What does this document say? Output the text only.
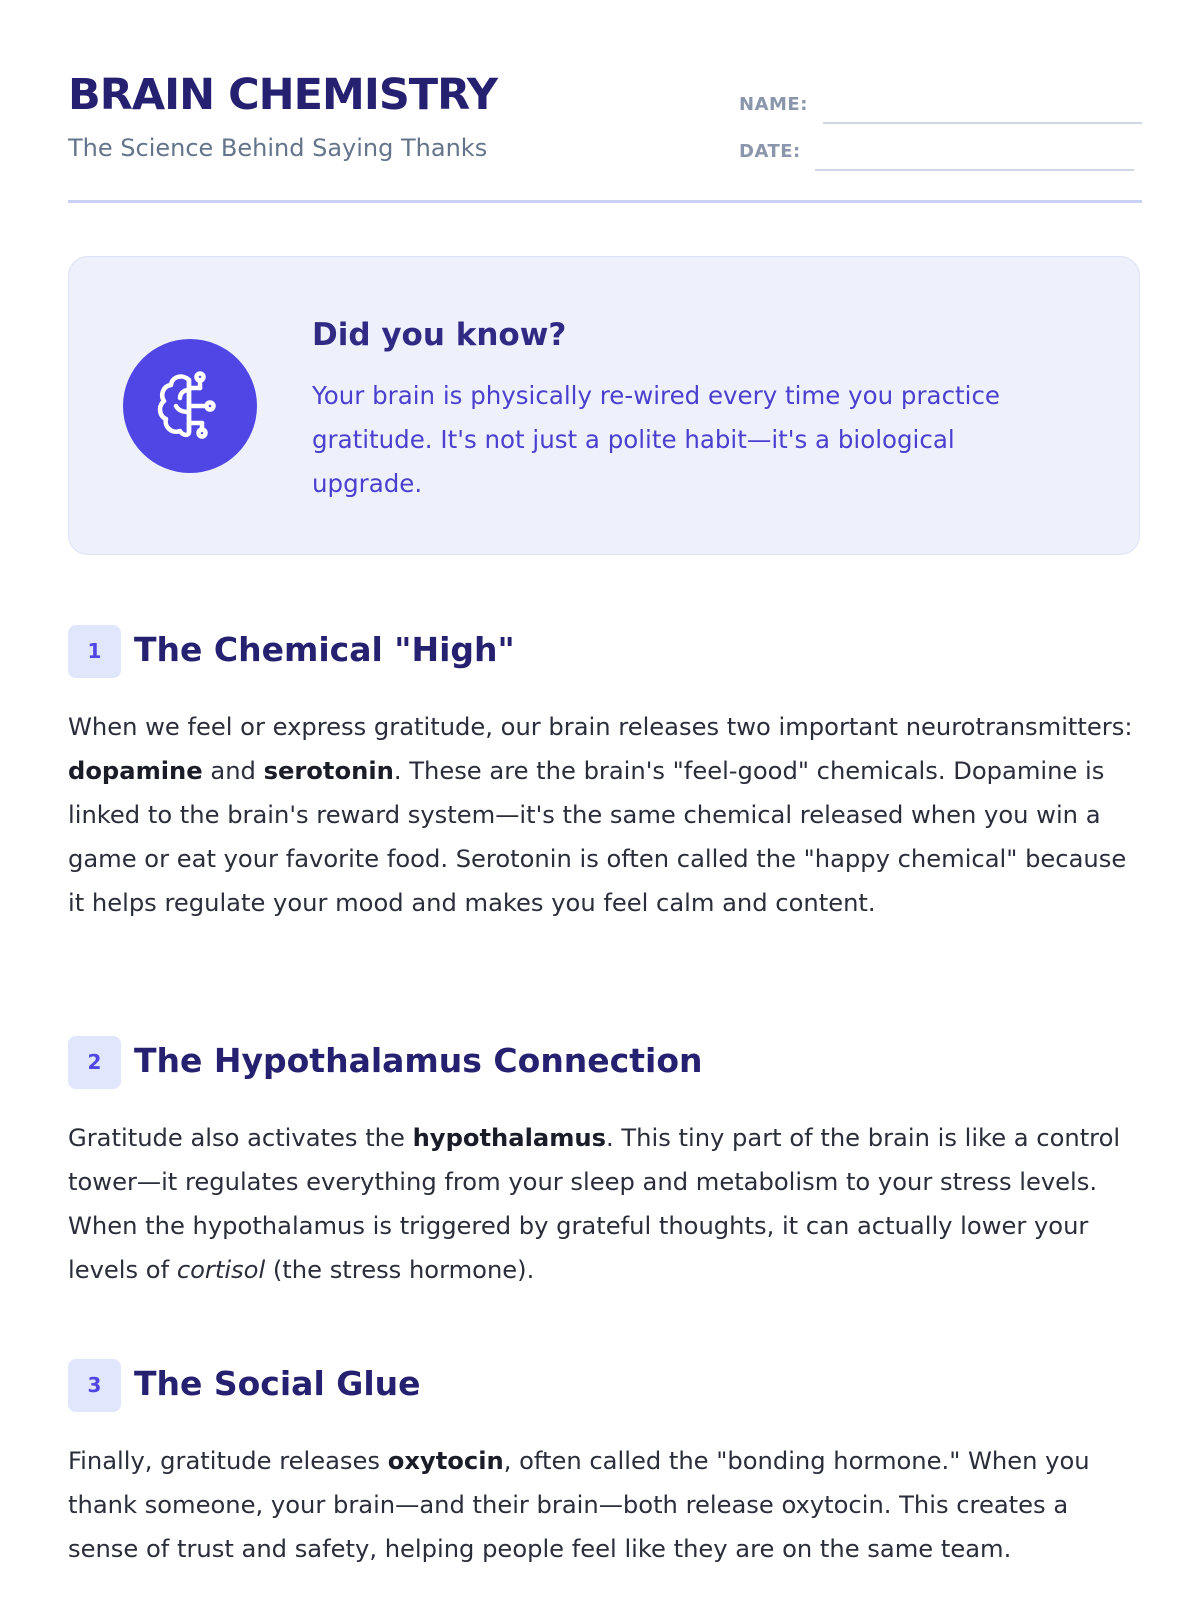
BRAIN CHEMISTRY
The Science Behind Saying Thanks
NAME:
DATE:
Did you know?

Your brain is physically re-wired every time you practice gratitude. It's not just a polite habit—it's a biological upgrade.

1 The Chemical "High"

When we feel or express gratitude, our brain releases two important neurotransmitters: dopamine and serotonin. These are the brain's "feel-good" chemicals. Dopamine is linked to the brain's reward system—it's the same chemical released when you win a game or eat your favorite food. Serotonin is often called the "happy chemical" because it helps regulate your mood and makes you feel calm and content.

2 The Hypothalamus Connection

Gratitude also activates the hypothalamus. This tiny part of the brain is like a control tower—it regulates everything from your sleep and metabolism to your stress levels. When the hypothalamus is triggered by grateful thoughts, it can actually lower your levels of cortisol (the stress hormone).

3 The Social Glue

Finally, gratitude releases oxytocin, often called the "bonding hormone." When you thank someone, your brain—and their brain—both release oxytocin. This creates a sense of trust and safety, helping people feel like they are on the same team.
